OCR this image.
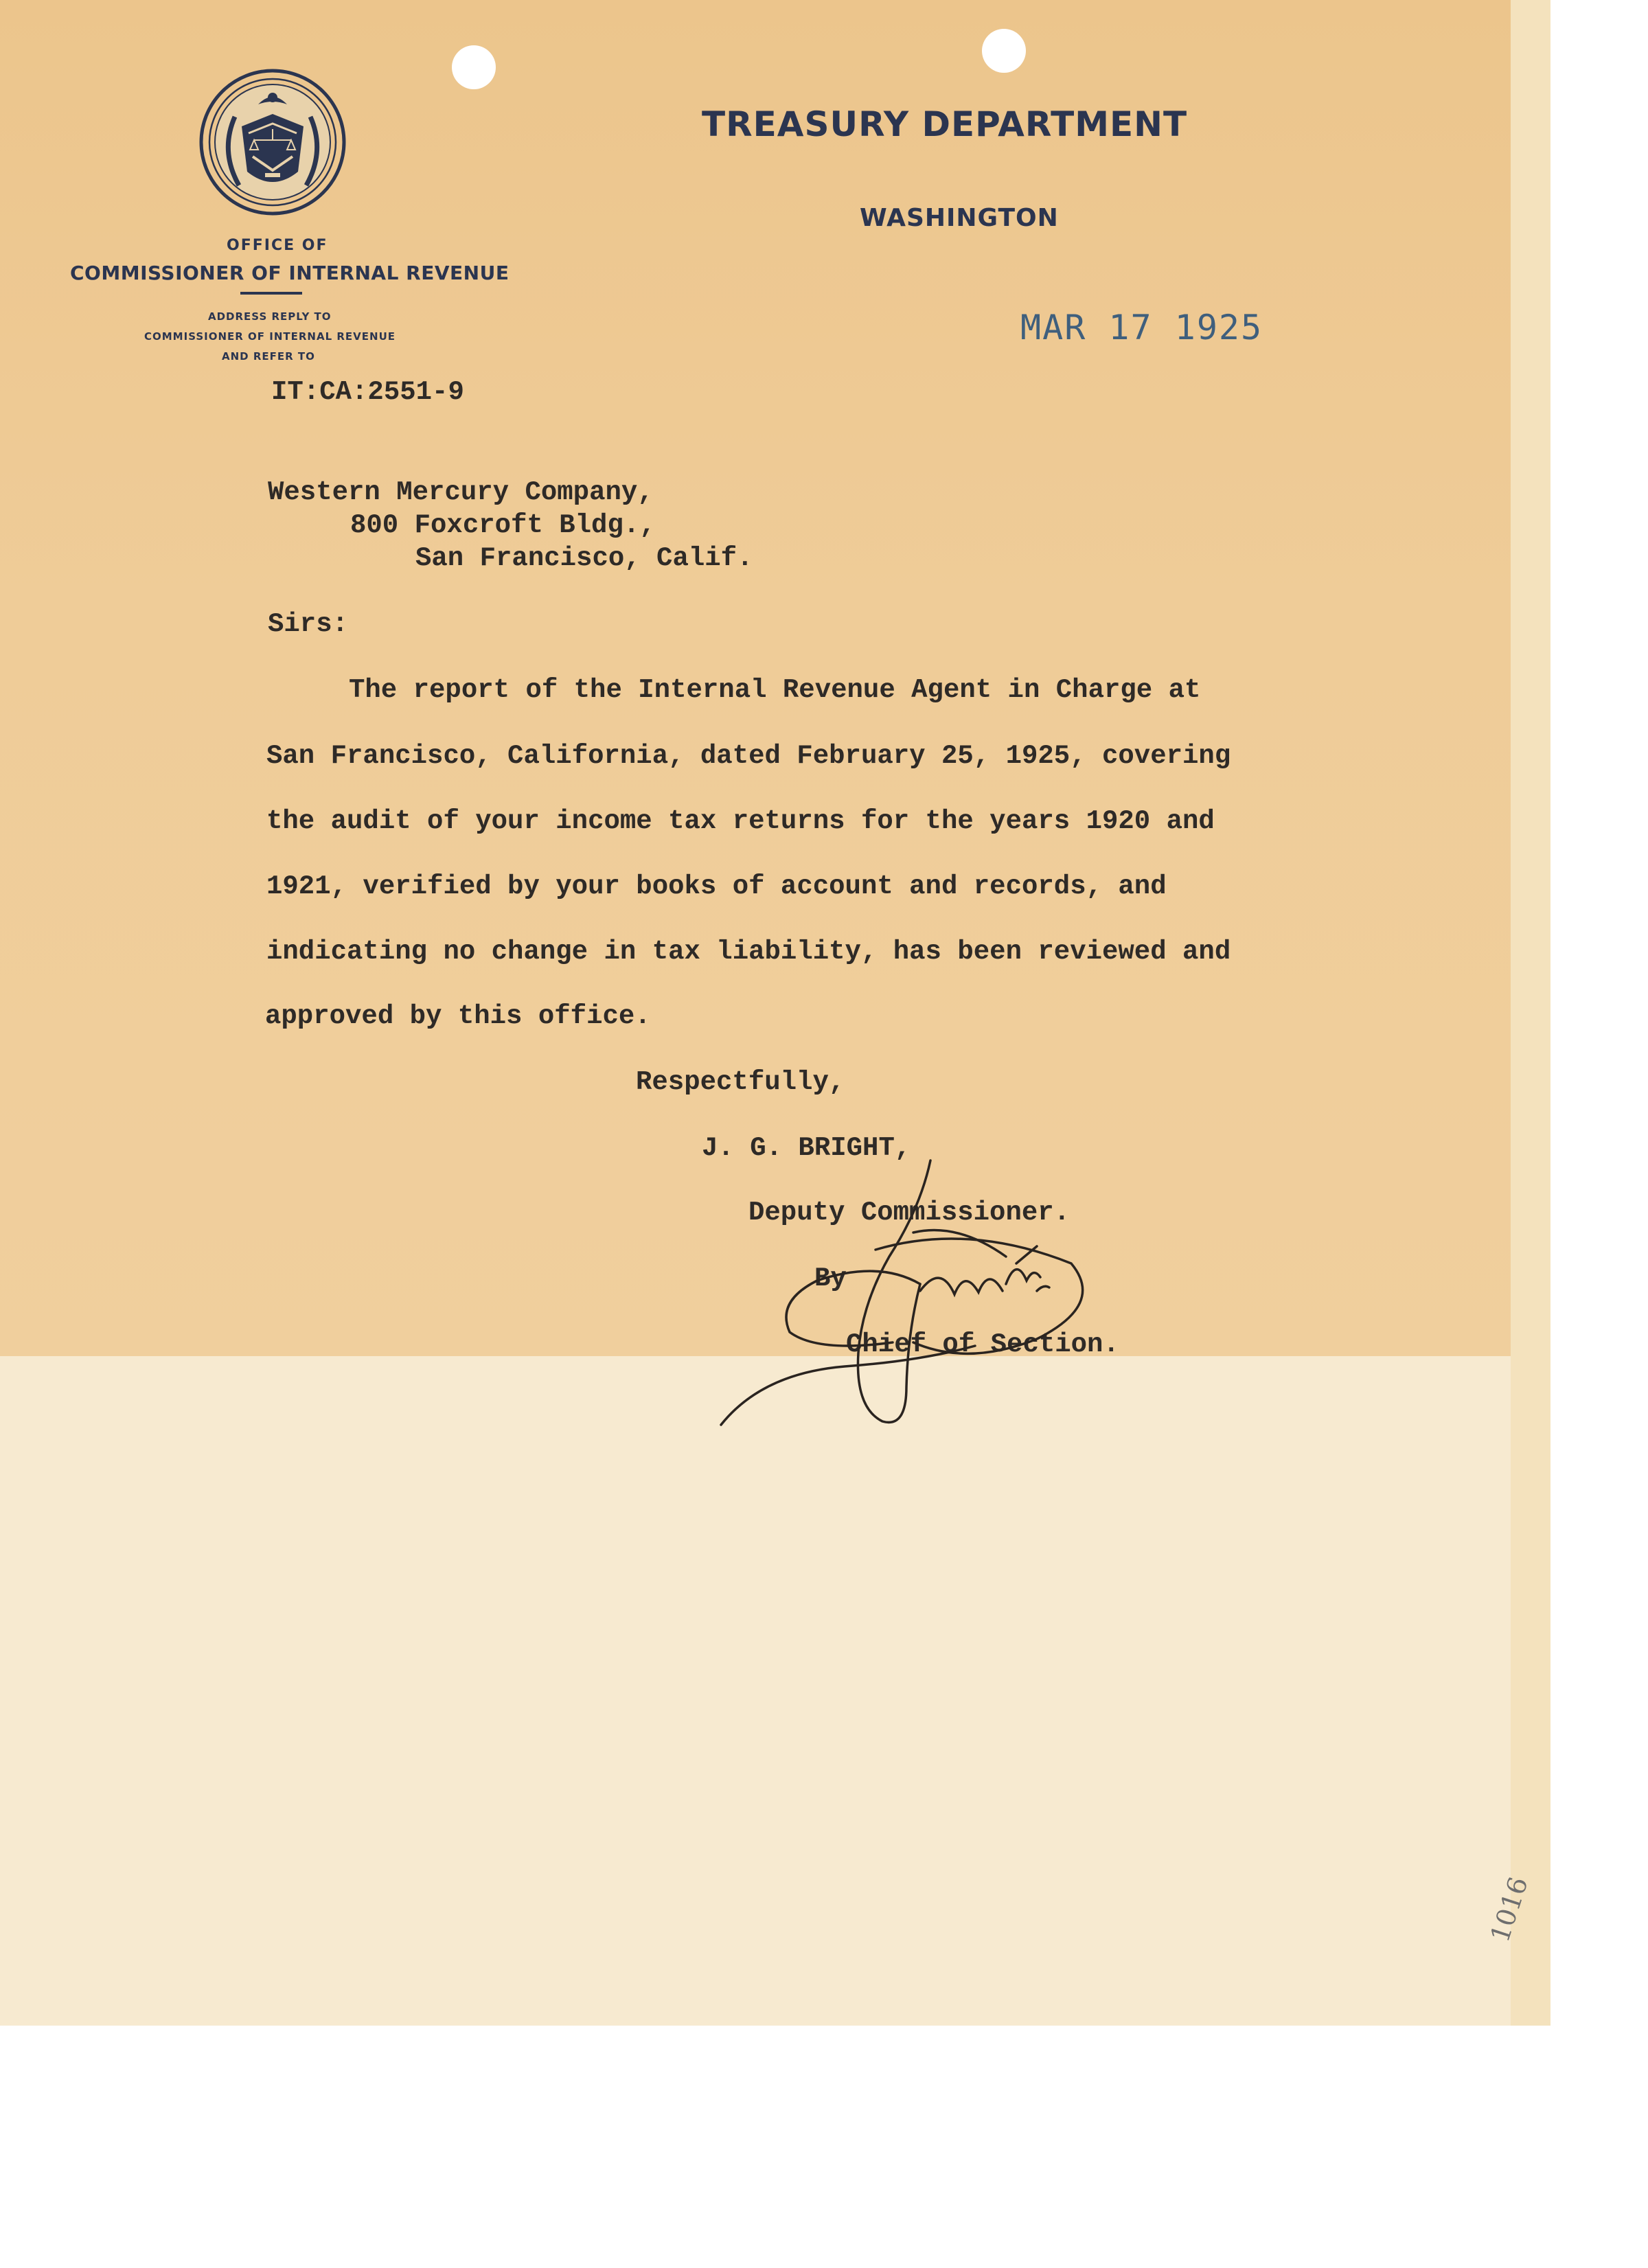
TREASURY DEPARTMENT
WASHINGTON
OFFICE OF
COMMISSIONER OF INTERNAL REVENUE
ADDRESS REPLY TO
COMMISSIONER OF INTERNAL REVENUE
AND REFER TO
MAR 17 1925
IT:CA:2551-9
Western Mercury Company,
800 Foxcroft Bldg.,
San Francisco, Calif.
Sirs:
The report of the Internal Revenue Agent in Charge at
San Francisco, California, dated February 25, 1925, covering
the audit of your income tax returns for the years 1920 and
1921, verified by your books of account and records, and
indicating no change in tax liability, has been reviewed and
approved by this office.
Respectfully,
J. G. BRIGHT,
Deputy Commissioner.
By
Chief of Section.
1016
